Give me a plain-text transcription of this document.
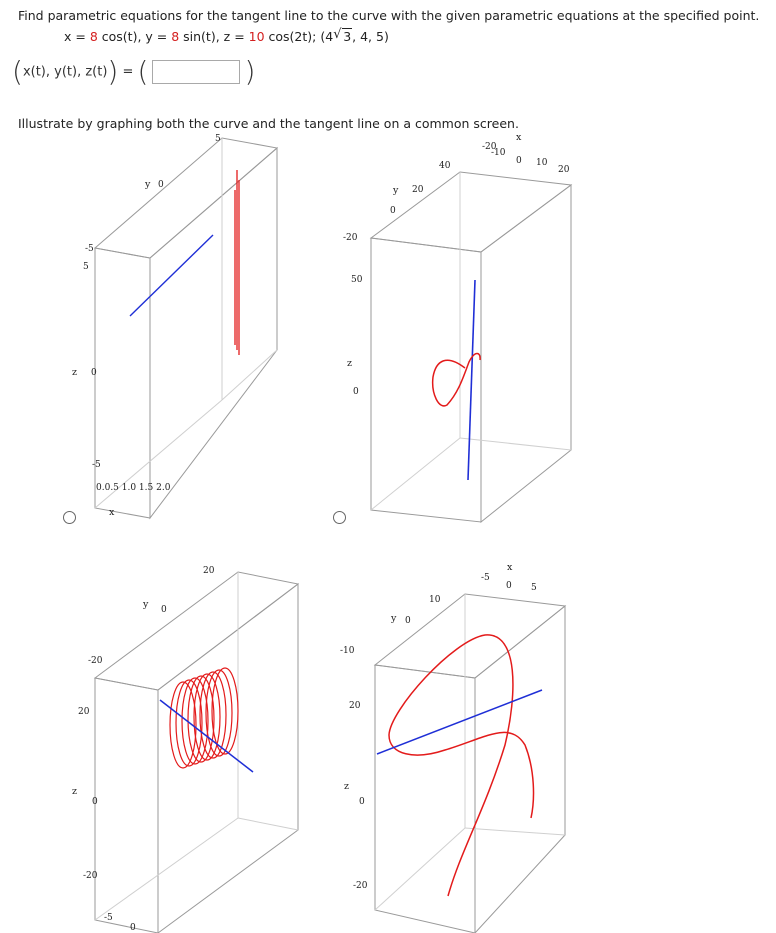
Find parametric equations for the tangent line to the curve with the given parametric equations at the specified point.
x = 8 cos(t), y = 8 sin(t), z = 10 cos(2t); (4 √ 3, 4, 5)
(x(t), y(t), z(t)) = (	)
Illustrate by graphing both the curve and the tangent line on a common screen.
5
y 0
-5
5
z 0
-5
0.0.5 1.0 1.5 2.0
x
-20
-10
x
0 10
20
40
y 20
0
-20
50
z
0
20
y 0
-20
20
z
0
-20
-5
0
x
-5
0 5
10
y 0
-10
20
z
0
-20
